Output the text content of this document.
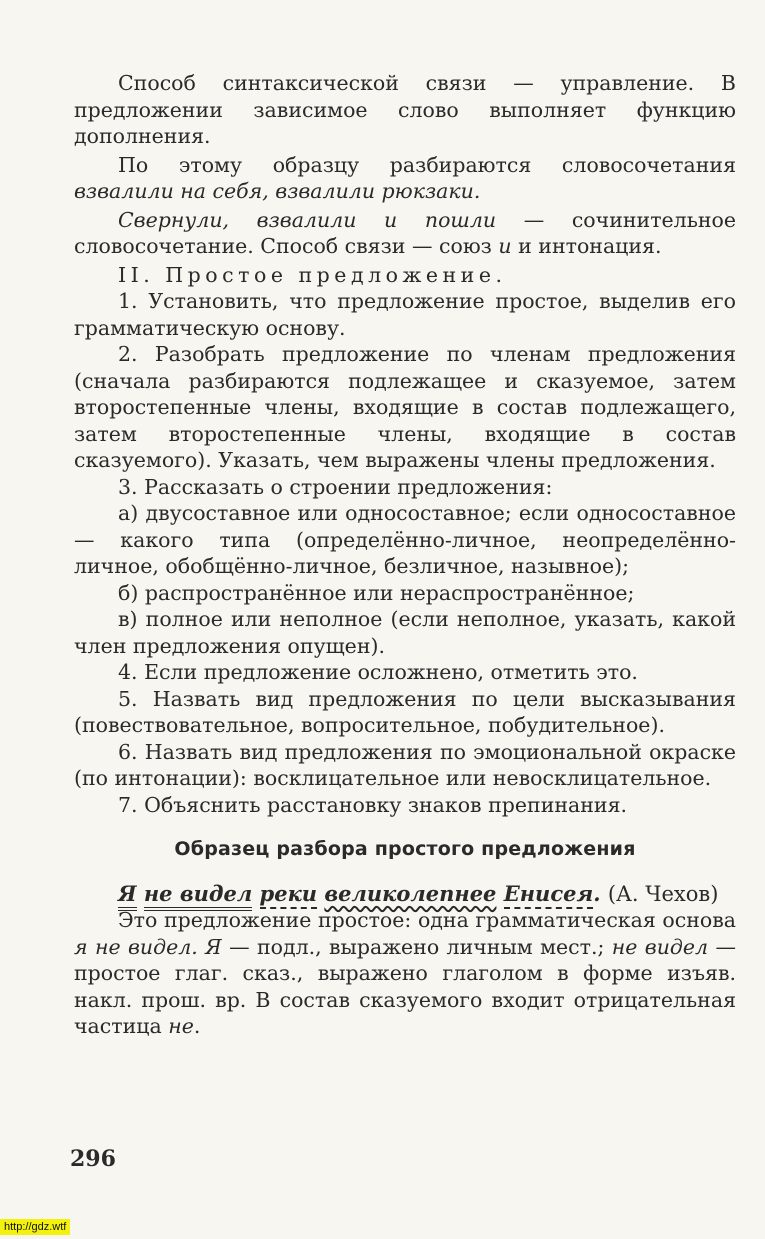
Способ синтаксической связи — управление. В предложении зависимое слово выполняет функцию дополнения.

По этому образцу разбираются словосочетания взвалили на себя, взвалили рюкзаки.

Свернули, взвалили и пошли — сочинительное словосочетание. Способ связи — союз и и интонация.

II. Простое предложение.

1. Установить, что предложение простое, выделив его грамматическую основу.

2. Разобрать предложение по членам предложения (сначала разбираются подлежащее и сказуемое, затем второстепенные члены, входящие в состав подлежащего, затем второстепенные члены, входящие в состав сказуемого). Указать, чем выражены члены предложения.

3. Рассказать о строении предложения:

а) двусоставное или односоставное; если односоставное — какого типа (определённо-личное, неопределённо-личное, обобщённо-личное, безличное, назывное);

б) распространённое или нераспространённое;

в) полное или неполное (если неполное, указать, какой член предложения опущен).

4. Если предложение осложнено, отметить это.

5. Назвать вид предложения по цели высказывания (повествовательное, вопросительное, побудительное).

6. Назвать вид предложения по эмоциональной окраске (по интонации): восклицательное или невосклицательное.

7. Объяснить расстановку знаков препинания.

Образец разбора простого предложения

Я не видел реки великолепнее Енисея. (А. Чехов)

Это предложение простое: одна грамматическая основа я не видел. Я — подл., выражено личным мест.; не видел — простое глаг. сказ., выражено глаголом в форме изъяв. накл. прош. вр. В состав сказуемого входит отрицательная частица не.

296
http://gdz.wtf
